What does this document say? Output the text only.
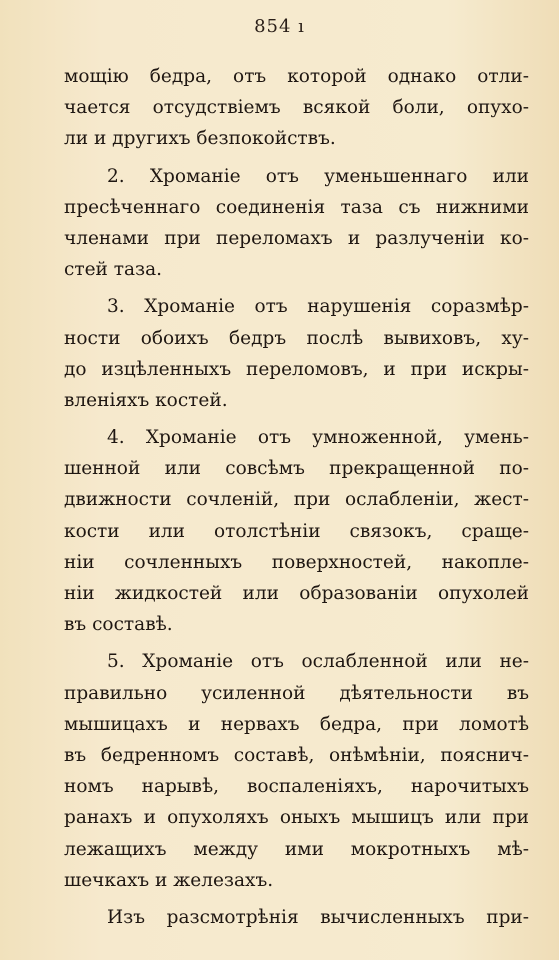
854 ı
мощію бедра, отъ которой однако отли-
чается отсудствіемъ всякой боли, опухо-
ли и другихъ безпокойствъ.
2. Хроманіе отъ уменьшеннаго или
пресѣченнаго соединенія таза съ нижними
членами при переломахъ и разлученіи ко-
стей таза.
3. Хроманіе отъ нарушенія соразмѣр-
ности обоихъ бедръ послѣ вывиховъ, ху-
до изцѣленныхъ переломовъ, и при искры-
вленіяхъ костей.
4. Хроманіе отъ умноженной, умень-
шенной или совсѣмъ прекращенной по-
движности сочленій, при ослабленіи, жест-
кости или отолстѣніи связокъ, сраще-
ніи сочленныхъ поверхностей, накопле-
ніи жидкостей или образованіи опухолей
въ составѣ.
5. Хроманіе отъ ослабленной или не-
правильно усиленной дѣятельности въ
мышицахъ и нервахъ бедра, при ломотѣ
въ бедренномъ составѣ, онѣмѣніи, пояснич-
номъ нарывѣ, воспаленіяхъ, нарочитыхъ
ранахъ и опухоляхъ оныхъ мышицъ или при
лежащихъ между ими мокротныхъ мѣ-
шечкахъ и железахъ.
Изъ разсмотрѣнія вычисленныхъ при-
